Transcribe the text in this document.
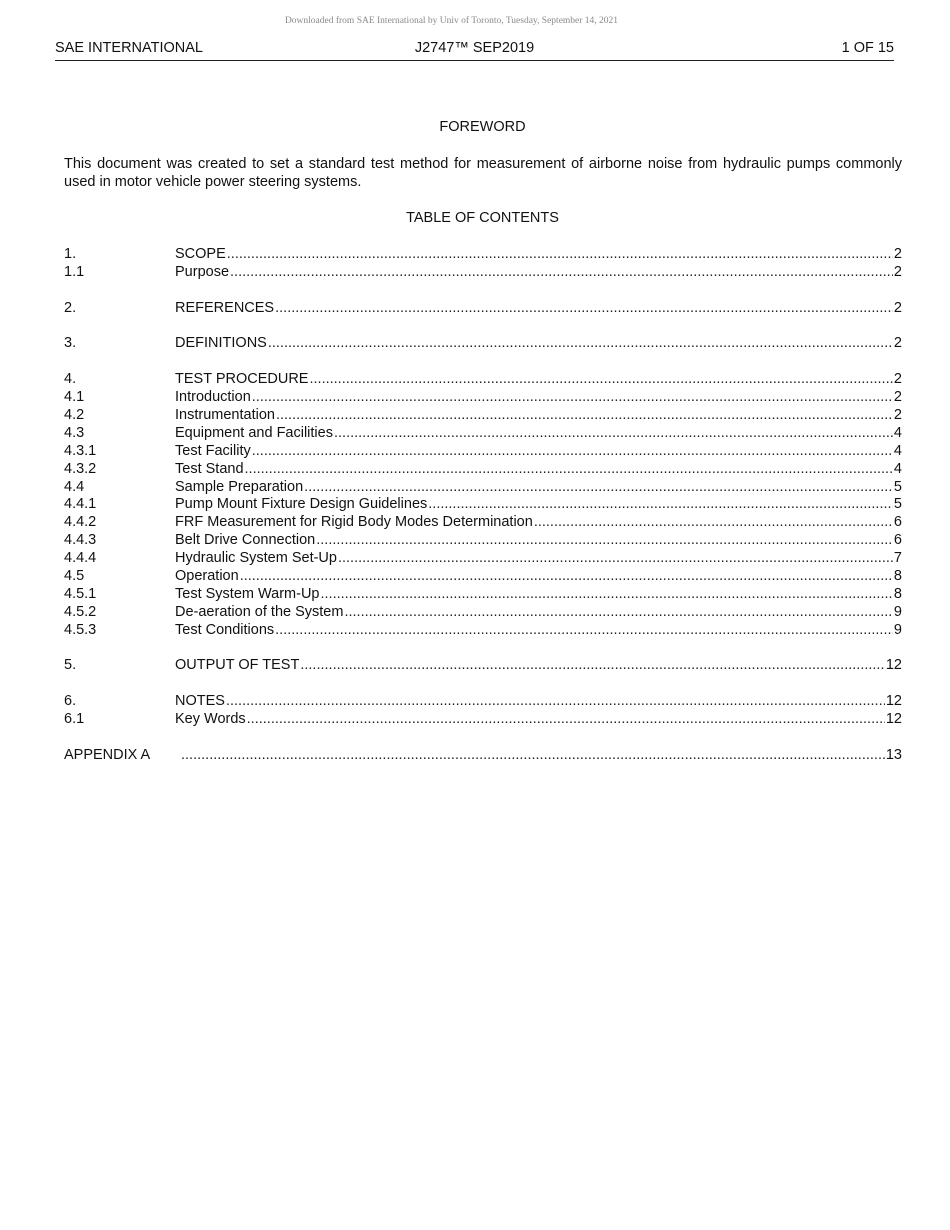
Downloaded from SAE International by Univ of Toronto, Tuesday, September 14, 2021
SAE INTERNATIONAL	J2747™ SEP2019	1 OF 15
FOREWORD
This document was created to set a standard test method for measurement of airborne noise from hydraulic pumps commonly used in motor vehicle power steering systems.
TABLE OF CONTENTS
1.	SCOPE .....	2
1.1	Purpose .....	2
2.	REFERENCES .....	2
3.	DEFINITIONS .....	2
4.	TEST PROCEDURE .....	2
4.1	Introduction .....	2
4.2	Instrumentation .....	2
4.3	Equipment and Facilities .....	4
4.3.1	Test Facility .....	4
4.3.2	Test Stand .....	4
4.4	Sample Preparation .....	5
4.4.1	Pump Mount Fixture Design Guidelines .....	5
4.4.2	FRF Measurement for Rigid Body Modes Determination .....	6
4.4.3	Belt Drive Connection .....	6
4.4.4	Hydraulic System Set-Up .....	7
4.5	Operation .....	8
4.5.1	Test System Warm-Up .....	8
4.5.2	De-aeration of the System .....	9
4.5.3	Test Conditions .....	9
5.	OUTPUT OF TEST .....	12
6.	NOTES .....	12
6.1	Key Words .....	12
APPENDIX A .....	13
